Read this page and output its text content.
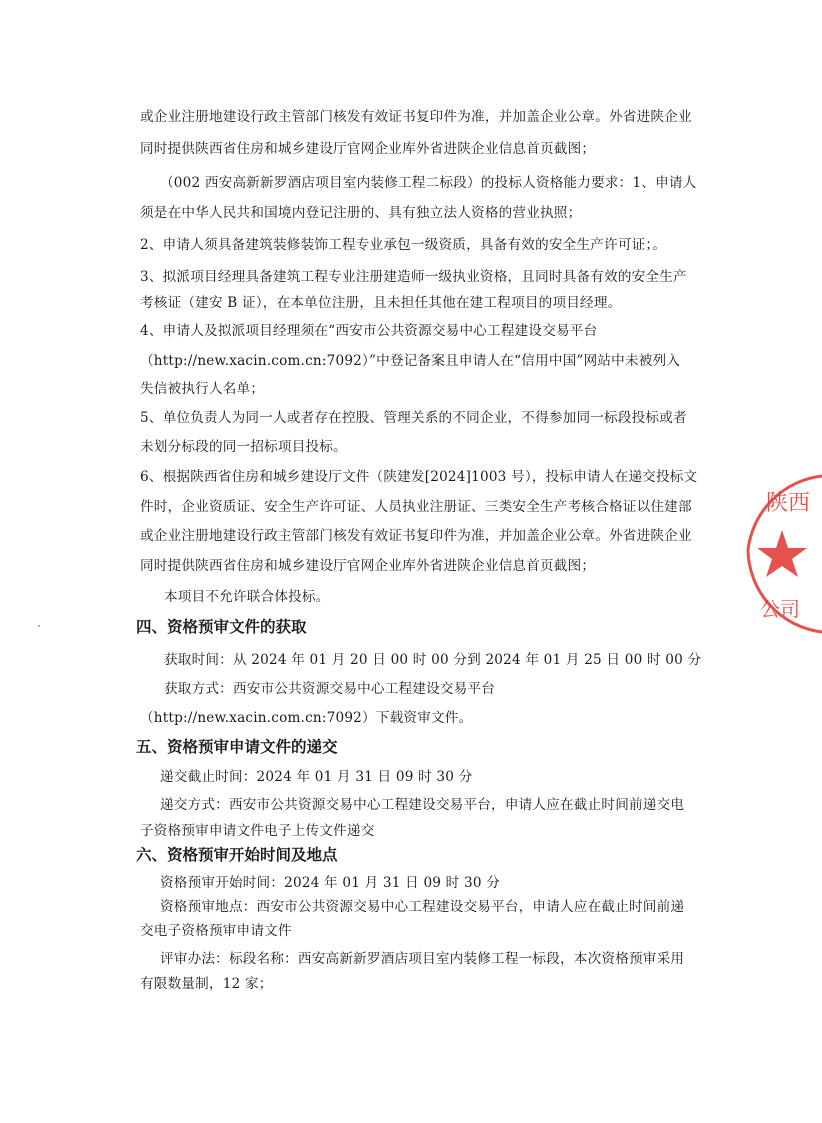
或企业注册地建设行政主管部门核发有效证书复印件为准，并加盖企业公章。外省进陕企业
同时提供陕西省住房和城乡建设厅官网企业库外省进陕企业信息首页截图；
（002 西安高新新罗酒店项目室内装修工程二标段）的投标人资格能力要求：1、申请人
须是在中华人民共和国境内登记注册的、具有独立法人资格的营业执照；
2、申请人须具备建筑装修装饰工程专业承包一级资质，具备有效的安全生产许可证；。
3、拟派项目经理具备建筑工程专业注册建造师一级执业资格，且同时具备有效的安全生产
考核证（建安 B 证），在本单位注册，且未担任其他在建工程项目的项目经理。
4、申请人及拟派项目经理须在“西安市公共资源交易中心工程建设交易平台
（http://new.xacin.com.cn:7092）”中登记备案且申请人在“信用中国”网站中未被列入
失信被执行人名单；
5、单位负责人为同一人或者存在控股、管理关系的不同企业，不得参加同一标段投标或者
未划分标段的同一招标项目投标。
6、根据陕西省住房和城乡建设厅文件（陕建发[2024]1003 号），投标申请人在递交投标文
件时，企业资质证、安全生产许可证、人员执业注册证、三类安全生产考核合格证以住建部
或企业注册地建设行政主管部门核发有效证书复印件为准，并加盖企业公章。外省进陕企业
同时提供陕西省住房和城乡建设厅官网企业库外省进陕企业信息首页截图；
本项目不允许联合体投标。
四、资格预审文件的获取
获取时间：从 2024 年 01 月 20 日 00 时 00 分到 2024 年 01 月 25 日 00 时 00 分
获取方式：西安市公共资源交易中心工程建设交易平台
（http://new.xacin.com.cn:7092）下载资审文件。
五、资格预审申请文件的递交
递交截止时间：2024 年 01 月 31 日 09 时 30 分
递交方式：西安市公共资源交易中心工程建设交易平台，申请人应在截止时间前递交电
子资格预审申请文件电子上传文件递交
六、资格预审开始时间及地点
资格预审开始时间：2024 年 01 月 31 日 09 时 30 分
资格预审地点：西安市公共资源交易中心工程建设交易平台，申请人应在截止时间前递
交电子资格预审申请文件
评审办法：标段名称：西安高新新罗酒店项目室内装修工程一标段，本次资格预审采用
有限数量制，12 家；
陕西
公司
